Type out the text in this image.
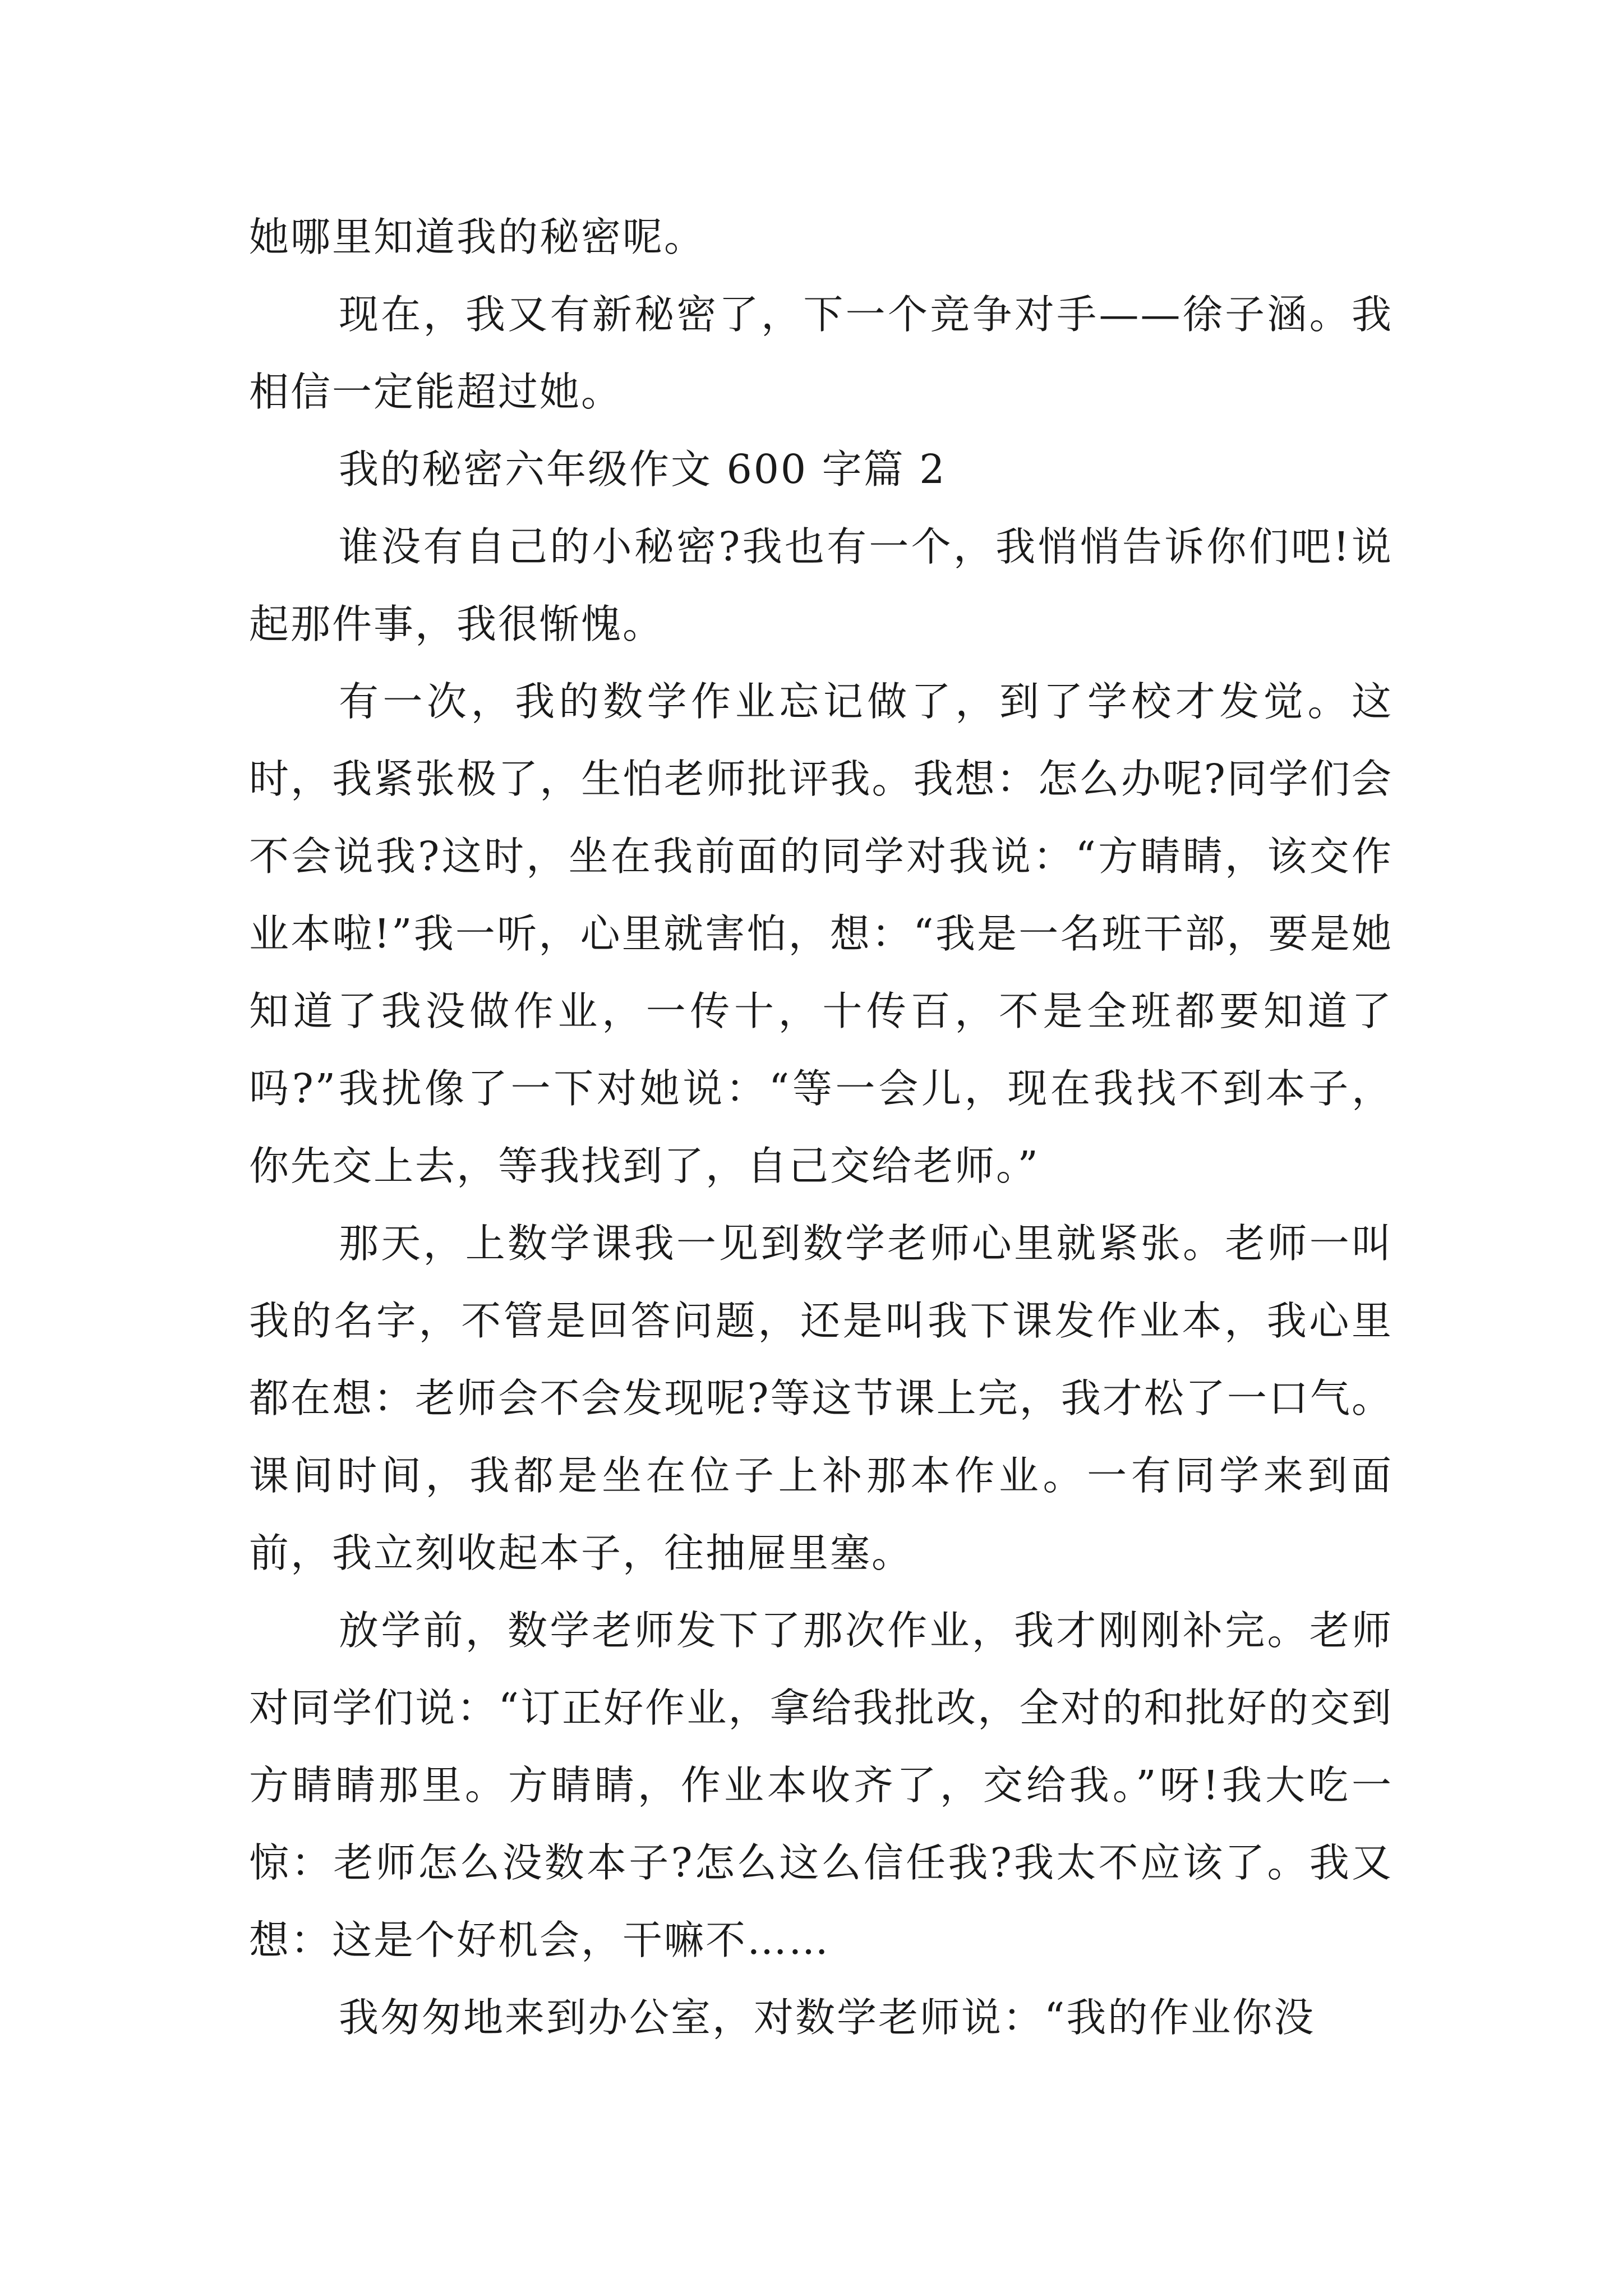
她哪里知道我的秘密呢。

现在，我又有新秘密了，下一个竞争对手——徐子涵。我相信一定能超过她。

我的秘密六年级作文 600 字篇 2

谁没有自己的小秘密?我也有一个，我悄悄告诉你们吧!说起那件事，我很惭愧。

有一次，我的数学作业忘记做了，到了学校才发觉。这时，我紧张极了，生怕老师批评我。我想：怎么办呢?同学们会不会说我?这时，坐在我前面的同学对我说：“方睛睛，该交作业本啦!”我一听，心里就害怕，想：“我是一名班干部，要是她知道了我没做作业，一传十，十传百，不是全班都要知道了吗?”我扰像了一下对她说：“等一会儿，现在我找不到本子，你先交上去，等我找到了，自己交给老师。”

那天，上数学课我一见到数学老师心里就紧张。老师一叫我的名字，不管是回答问题，还是叫我下课发作业本，我心里都在想：老师会不会发现呢?等这节课上完，我才松了一口气。课间时间，我都是坐在位子上补那本作业。一有同学来到面前，我立刻收起本子，往抽屉里塞。

放学前，数学老师发下了那次作业，我才刚刚补完。老师对同学们说：“订正好作业，拿给我批改，全对的和批好的交到方睛睛那里。方睛睛，作业本收齐了，交给我。”呀!我大吃一惊：老师怎么没数本子?怎么这么信任我?我太不应该了。我又想：这是个好机会，干嘛不……

我匆匆地来到办公室，对数学老师说：“我的作业你没
